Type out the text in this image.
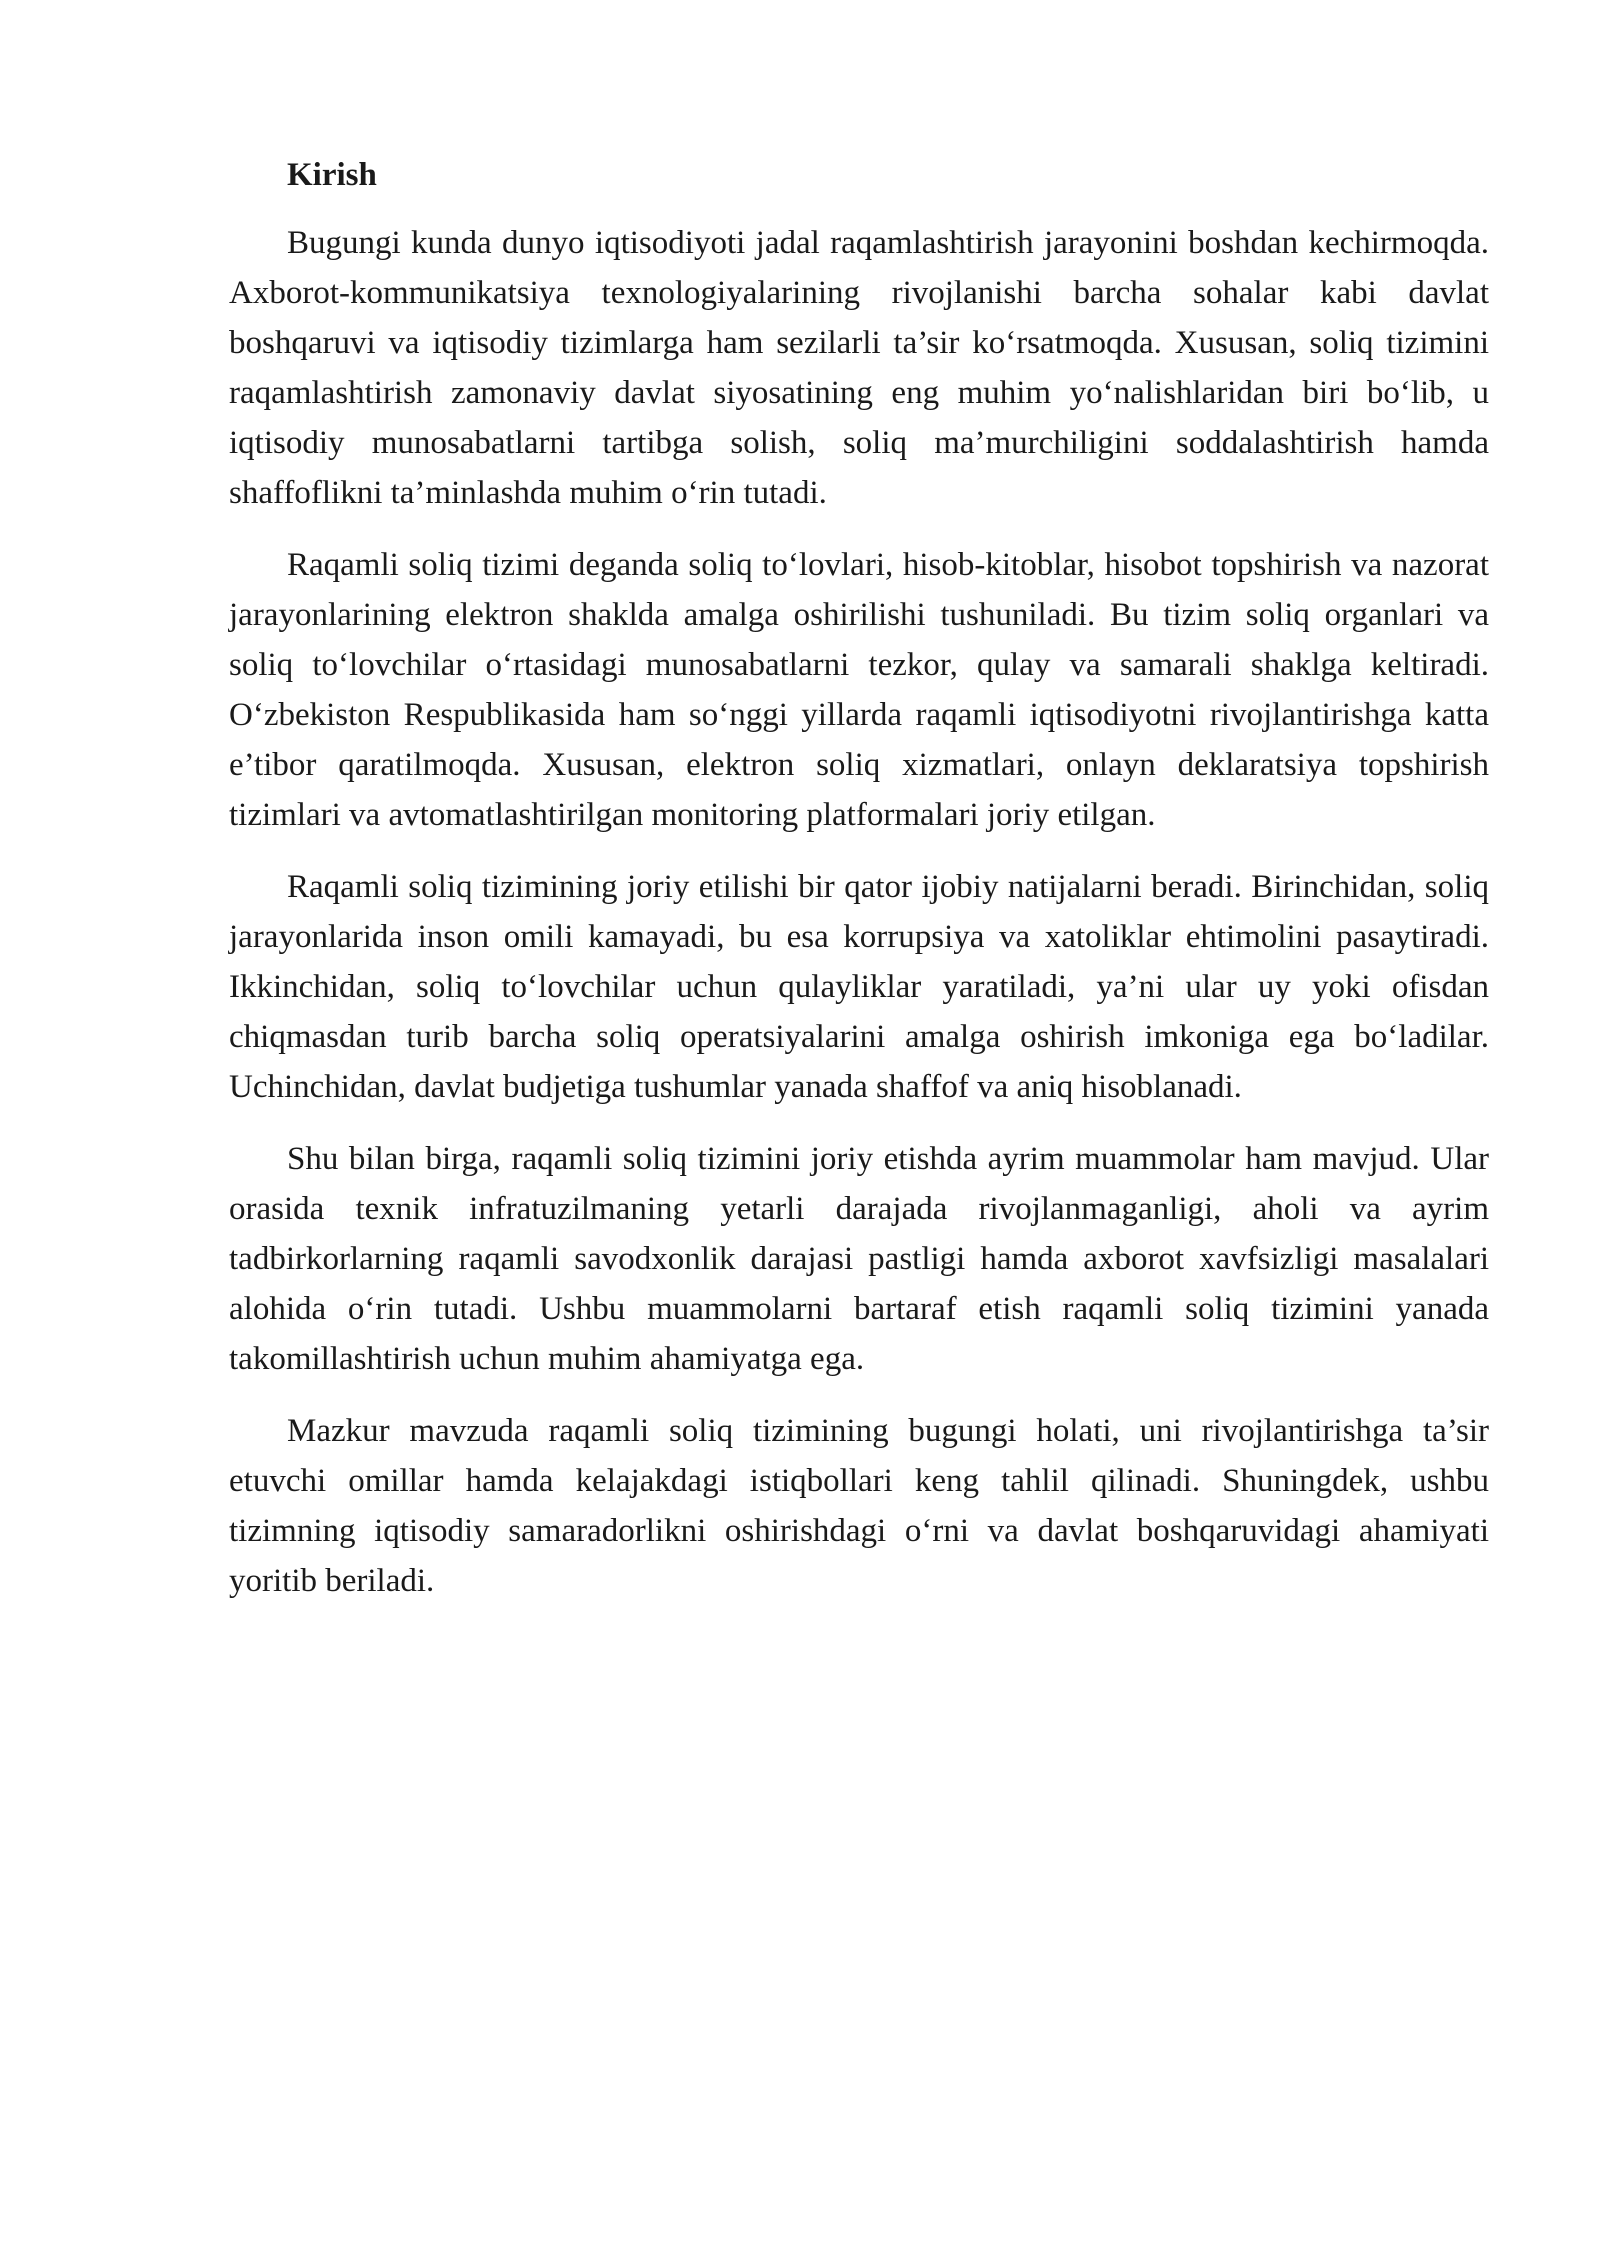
Kirish

Bugungi kunda dunyo iqtisodiyoti jadal raqamlashtirish jarayonini boshdan kechirmoqda. Axborot-kommunikatsiya texnologiyalarining rivojlanishi barcha sohalar kabi davlat boshqaruvi va iqtisodiy tizimlarga ham sezilarli ta’sir ko‘rsatmoqda. Xususan, soliq tizimini raqamlashtirish zamonaviy davlat siyosatining eng muhim yo‘nalishlaridan biri bo‘lib, u iqtisodiy munosabatlarni tartibga solish, soliq ma’murchiligini soddalashtirish hamda shaffoflikni ta’minlashda muhim o‘rin tutadi.

Raqamli soliq tizimi deganda soliq to‘lovlari, hisob-kitoblar, hisobot topshirish va nazorat jarayonlarining elektron shaklda amalga oshirilishi tushuniladi. Bu tizim soliq organlari va soliq to‘lovchilar o‘rtasidagi munosabatlarni tezkor, qulay va samarali shaklga keltiradi. O‘zbekiston Respublikasida ham so‘nggi yillarda raqamli iqtisodiyotni rivojlantirishga katta e’tibor qaratilmoqda. Xususan, elektron soliq xizmatlari, onlayn deklaratsiya topshirish tizimlari va avtomatlashtirilgan monitoring platformalari joriy etilgan.

Raqamli soliq tizimining joriy etilishi bir qator ijobiy natijalarni beradi. Birinchidan, soliq jarayonlarida inson omili kamayadi, bu esa korrupsiya va xatoliklar ehtimolini pasaytiradi. Ikkinchidan, soliq to‘lovchilar uchun qulayliklar yaratiladi, ya’ni ular uy yoki ofisdan chiqmasdan turib barcha soliq operatsiyalarini amalga oshirish imkoniga ega bo‘ladilar. Uchinchidan, davlat budjetiga tushumlar yanada shaffof va aniq hisoblanadi.

Shu bilan birga, raqamli soliq tizimini joriy etishda ayrim muammolar ham mavjud. Ular orasida texnik infratuzilmaning yetarli darajada rivojlanmaganligi, aholi va ayrim tadbirkorlarning raqamli savodxonlik darajasi pastligi hamda axborot xavfsizligi masalalari alohida o‘rin tutadi. Ushbu muammolarni bartaraf etish raqamli soliq tizimini yanada takomillashtirish uchun muhim ahamiyatga ega.

Mazkur mavzuda raqamli soliq tizimining bugungi holati, uni rivojlantirishga ta’sir etuvchi omillar hamda kelajakdagi istiqbollari keng tahlil qilinadi. Shuningdek, ushbu tizimning iqtisodiy samaradorlikni oshirishdagi o‘rni va davlat boshqaruvidagi ahamiyati yoritib beriladi.
